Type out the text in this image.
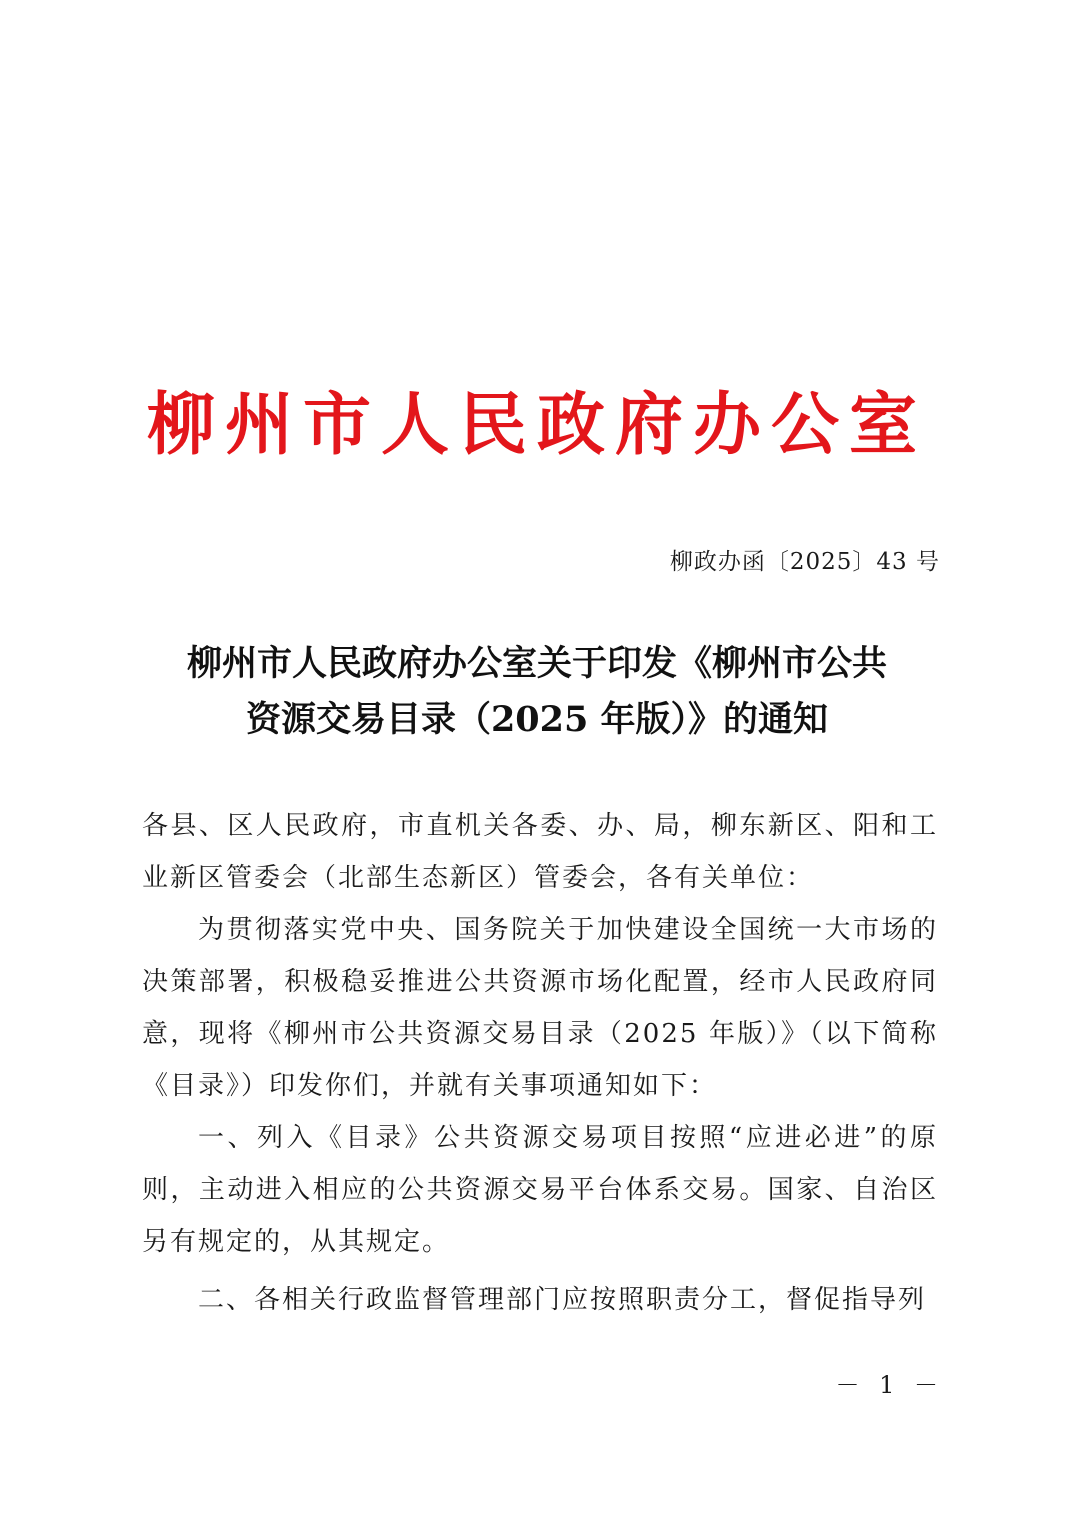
柳州市人民政府办公室
柳政办函〔2025〕43 号
柳州市人民政府办公室关于印发《柳州市公共
资源交易目录（2025 年版）》的通知

各县、区人民政府，市直机关各委、办、局，柳东新区、阳和工业新区管委会（北部生态新区）管委会，各有关单位：

为贯彻落实党中央、国务院关于加快建设全国统一大市场的决策部署，积极稳妥推进公共资源市场化配置，经市人民政府同意，现将《柳州市公共资源交易目录（2025 年版）》（以下简称《目录》）印发你们，并就有关事项通知如下：

一、列入《目录》公共资源交易项目按照“应进必进”的原则，主动进入相应的公共资源交易平台体系交易。国家、自治区另有规定的，从其规定。

二、各相关行政监督管理部门应按照职责分工，督促指导列

－ 1 －
